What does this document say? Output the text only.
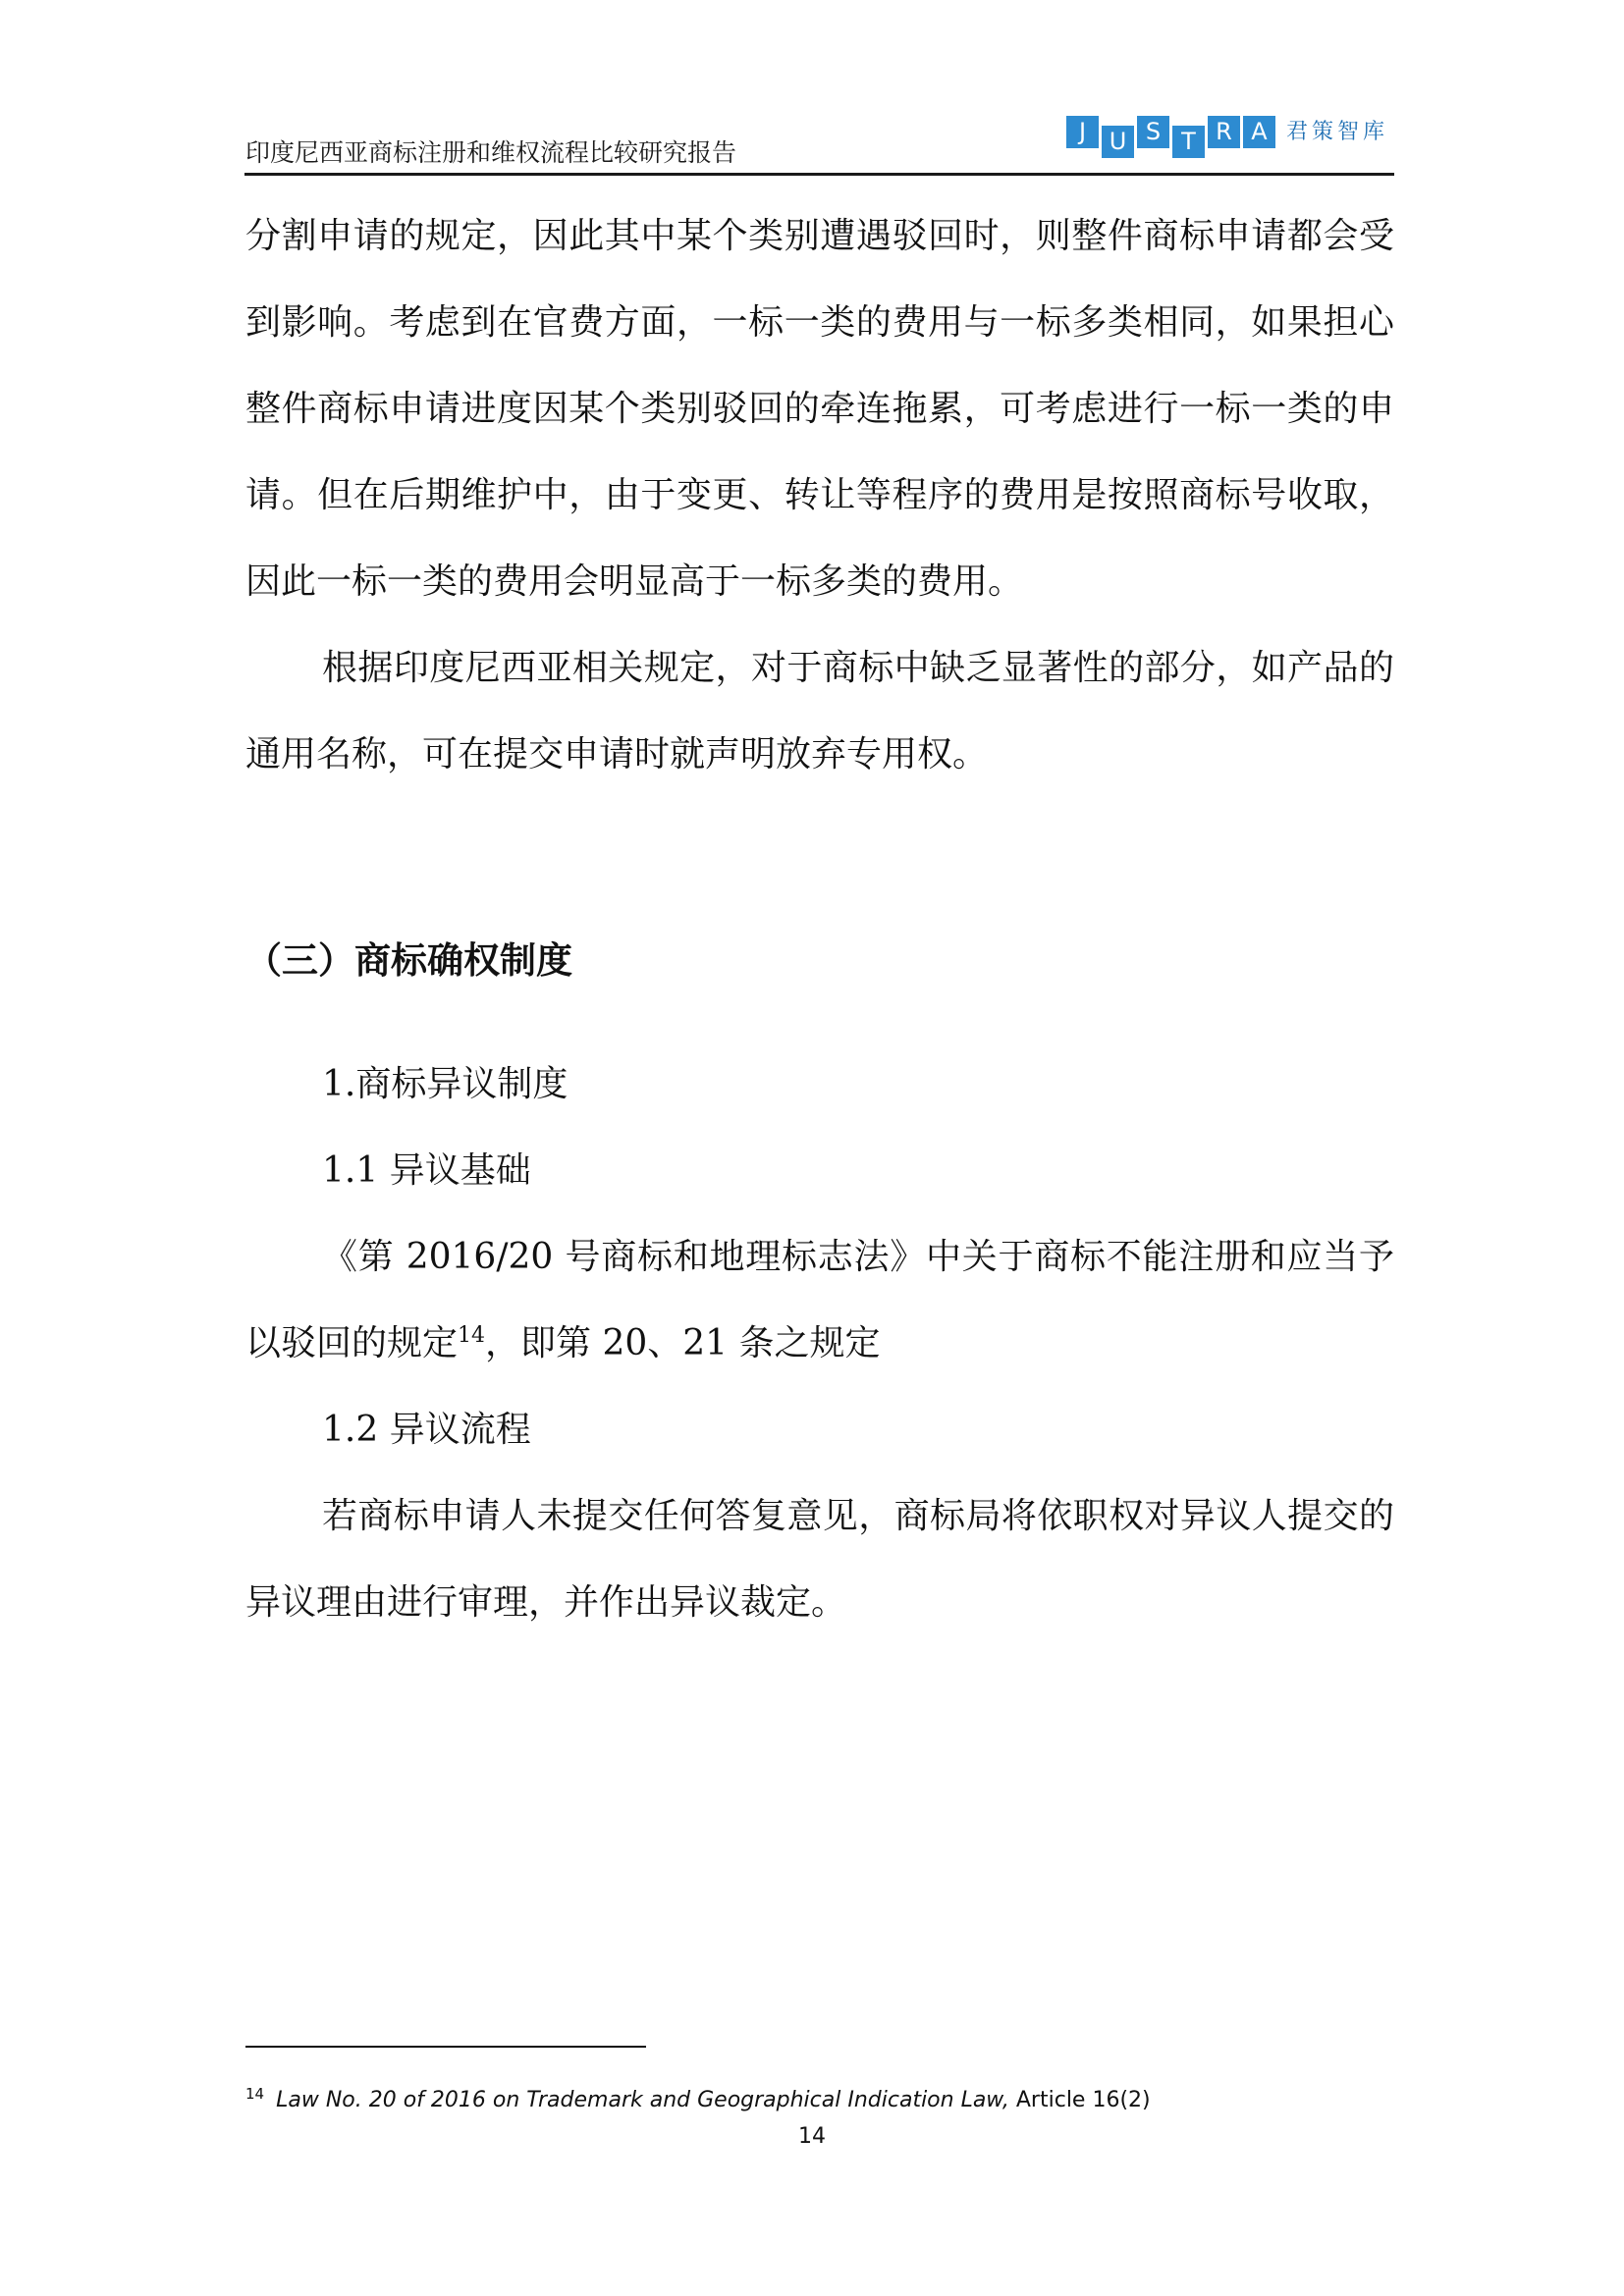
印度尼西亚商标注册和维权流程比较研究报告
J U S T R A 君策智库

分割申请的规定，因此其中某个类别遭遇驳回时，则整件商标申请都会受到影响。考虑到在官费方面，一标一类的费用与一标多类相同，如果担心整件商标申请进度因某个类别驳回的牵连拖累，可考虑进行一标一类的申请。但在后期维护中，由于变更、转让等程序的费用是按照商标号收取，因此一标一类的费用会明显高于一标多类的费用。

根据印度尼西亚相关规定，对于商标中缺乏显著性的部分，如产品的通用名称，可在提交申请时就声明放弃专用权。

（三）商标确权制度

1.商标异议制度

1.1 异议基础

《第 2016/20 号商标和地理标志法》中关于商标不能注册和应当予以驳回的规定$^{14}$，即第 20、21 条之规定

1.2 异议流程

若商标申请人未提交任何答复意见，商标局将依职权对异议人提交的异议理由进行审理，并作出异议裁定。

$^{14}$ Law No. 20 of 2016 on Trademark and Geographical Indication Law, Article 16(2)
14
